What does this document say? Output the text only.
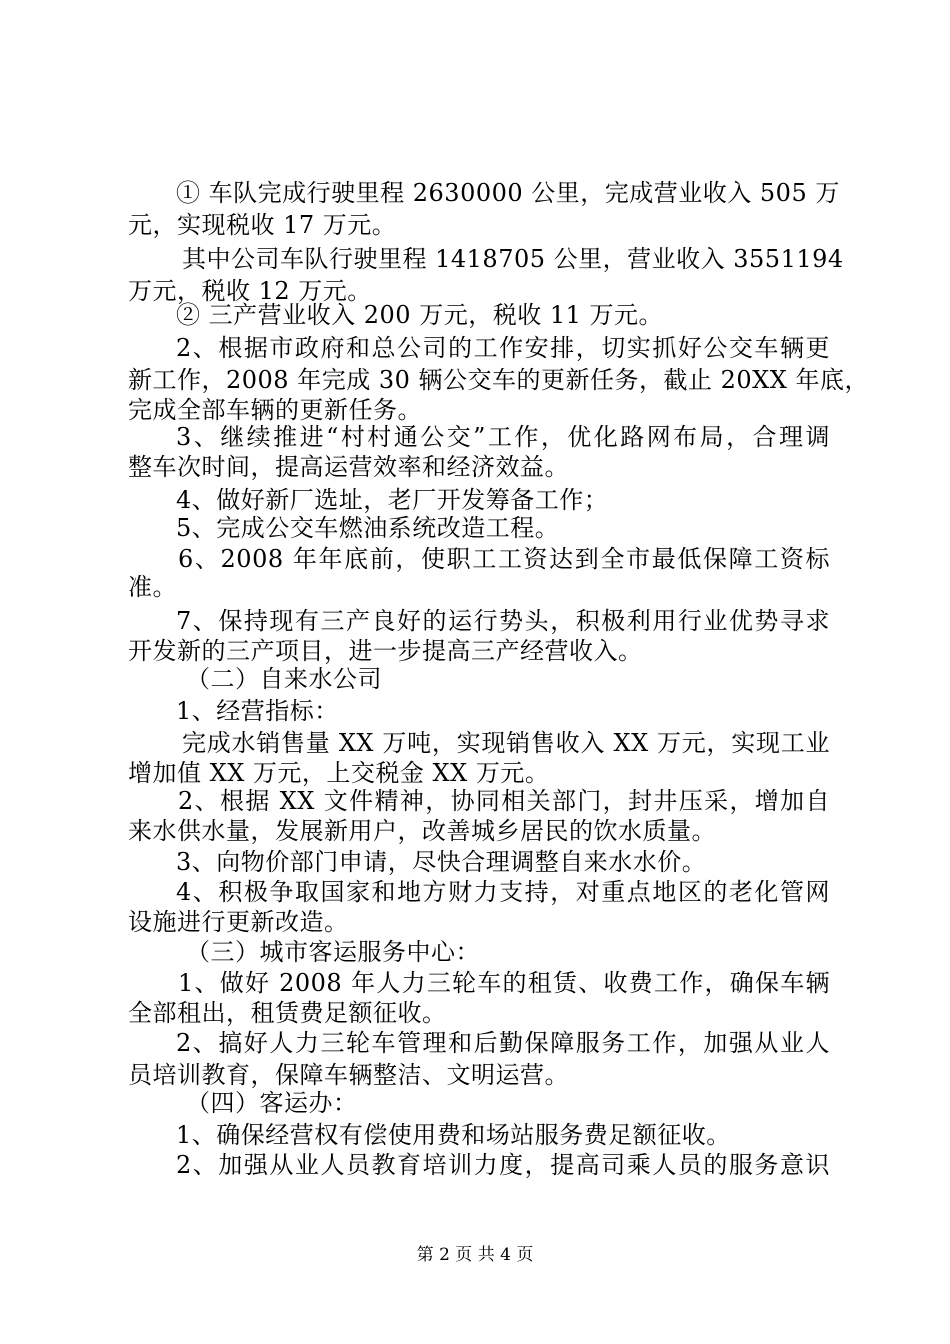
① 车队完成行驶里程 2630000 公里，完成营业收入 505 万
元，实现税收 17 万元。
其中公司车队行驶里程 1418705 公里，营业收入 3551194
万元，税收 12 万元。
② 三产营业收入 200 万元，税收 11 万元。
2、根据市政府和总公司的工作安排，切实抓好公交车辆更
新工作，2008 年完成 30 辆公交车的更新任务，截止 20XX 年底，
完成全部车辆的更新任务。
3、继续推进“村村通公交”工作，优化路网布局，合理调
整车次时间，提高运营效率和经济效益。
4、做好新厂选址，老厂开发筹备工作；
5、完成公交车燃油系统改造工程。
6、2008 年年底前，使职工工资达到全市最低保障工资标
准。
7、保持现有三产良好的运行势头，积极利用行业优势寻求
开发新的三产项目，进一步提高三产经营收入。
（二）自来水公司
1、经营指标：
完成水销售量 XX 万吨，实现销售收入 XX 万元，实现工业
增加值 XX 万元，上交税金 XX 万元。
2、根据 XX 文件精神，协同相关部门，封井压采，增加自
来水供水量，发展新用户，改善城乡居民的饮水质量。
3、向物价部门申请，尽快合理调整自来水水价。
4、积极争取国家和地方财力支持，对重点地区的老化管网
设施进行更新改造。
（三）城市客运服务中心：
1、做好 2008 年人力三轮车的租赁、收费工作，确保车辆
全部租出，租赁费足额征收。
2、搞好人力三轮车管理和后勤保障服务工作，加强从业人
员培训教育，保障车辆整洁、文明运营。
（四）客运办：
1、确保经营权有偿使用费和场站服务费足额征收。
2、加强从业人员教育培训力度，提高司乘人员的服务意识
第 2 页 共 4 页
